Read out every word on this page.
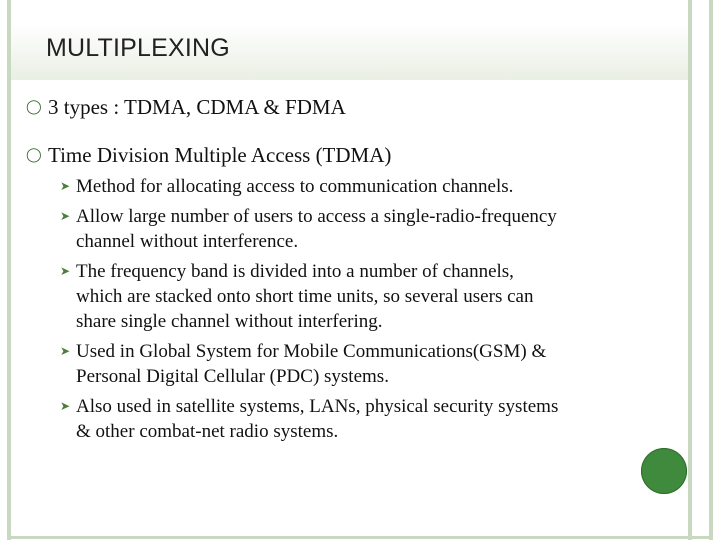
MULTIPLEXING
◯ 3 types : TDMA, CDMA & FDMA
◯ Time Division Multiple Access (TDMA)
➤ Method for allocating access to communication channels.
➤ Allow large number of users to access a single-radio-frequency
channel without interference.
➤ The frequency band is divided into a number of channels,
which are stacked onto short time units, so several users can
share single channel without interfering.
➤ Used in Global System for Mobile Communications(GSM) &
Personal Digital Cellular (PDC) systems.
➤ Also used in satellite systems, LANs, physical security systems
& other combat-net radio systems.
